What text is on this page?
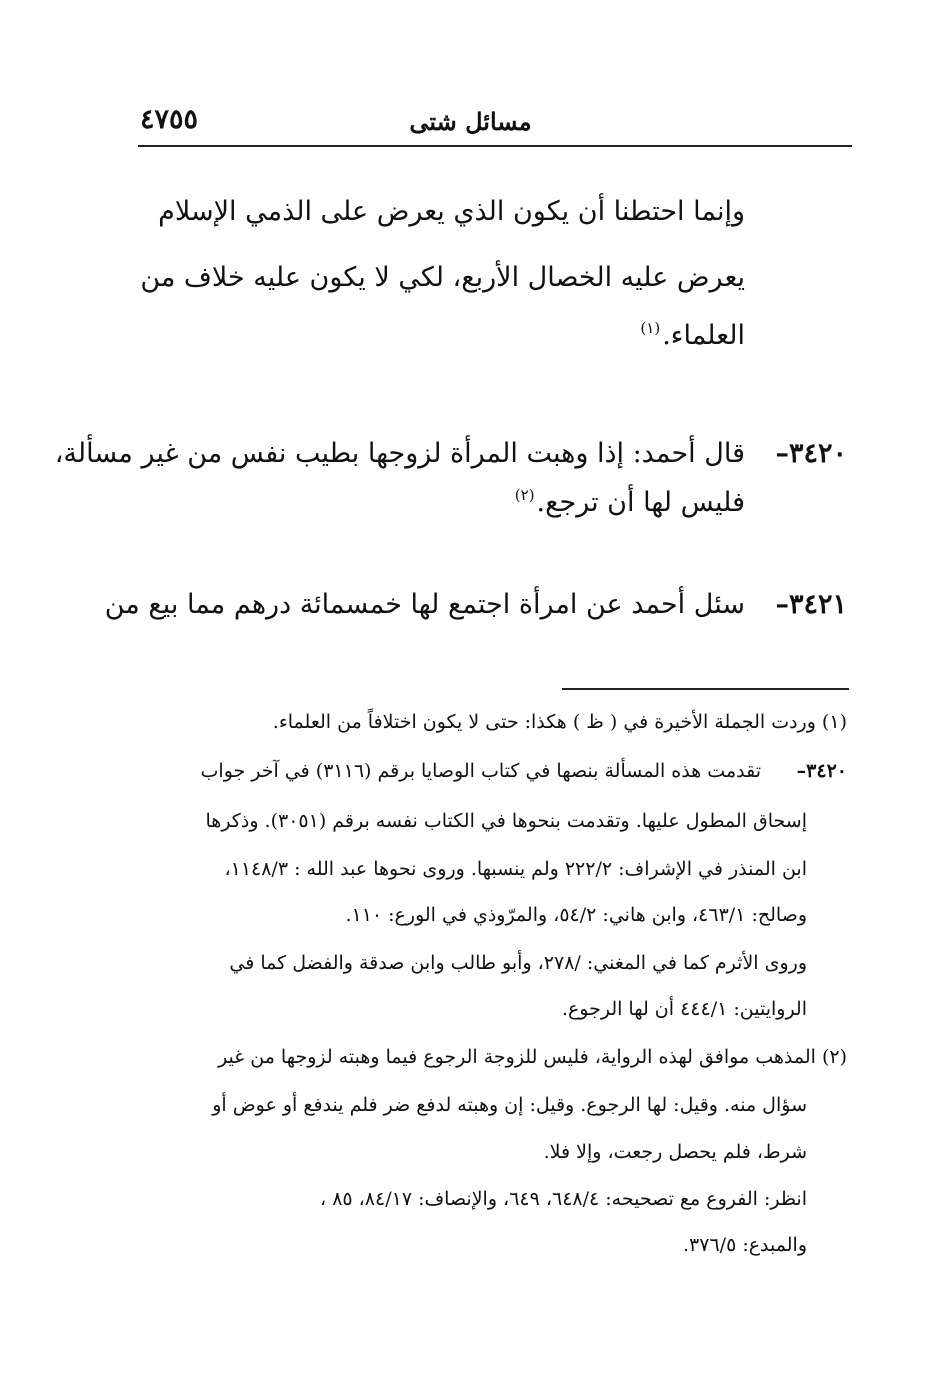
مسائل شتى
٤٧٥٥
وإنما احتطنا أن يكون الذي يعرض على الذمي الإسلام
يعرض عليه الخصال الأربع، لكي لا يكون عليه خلاف من
العلماء.$^{(١)}$
٣٤٢٠–
قال أحمد: إذا وهبت المرأة لزوجها بطيب نفس من غير مسألة،
فليس لها أن ترجع.$^{(٢)}$
٣٤٢١–
سئل أحمد عن امرأة اجتمع لها خمسمائة درهم مما بيع من
(١) وردت الجملة الأخيرة في ( ظ ) هكذا: حتى لا يكون اختلافاً من العلماء.
٣٤٢٠–
تقدمت هذه المسألة بنصها في كتاب الوصايا برقم (٣١١٦) في آخر جواب
إسحاق المطول عليها. وتقدمت بنحوها في الكتاب نفسه برقم (٣٠٥١). وذكرها
ابن المنذر في الإشراف: ٢٢٢/٢ ولم ينسبها. وروى نحوها عبد الله : ١١٤٨/٣،
وصالح: ٤٦٣/١، وابن هاني: ٥٤/٢، والمرّوذي في الورع: ١١٠.
وروى الأثرم كما في المغني: /٢٧٨، وأبو طالب وابن صدقة والفضل كما في
الروايتين: ٤٤٤/١ أن لها الرجوع.
(٢) المذهب موافق لهذه الرواية، فليس للزوجة الرجوع فيما وهبته لزوجها من غير
سؤال منه. وقيل: لها الرجوع. وقيل: إن وهبته لدفع ضر فلم يندفع أو عوض أو
شرط، فلم يحصل رجعت، وإلا فلا.
انظر: الفروع مع تصحيحه: ٦٤٨/٤، ٦٤٩، والإنصاف: ٨٤/١٧، ٨٥ ،
والمبدع: ٣٧٦/٥.
